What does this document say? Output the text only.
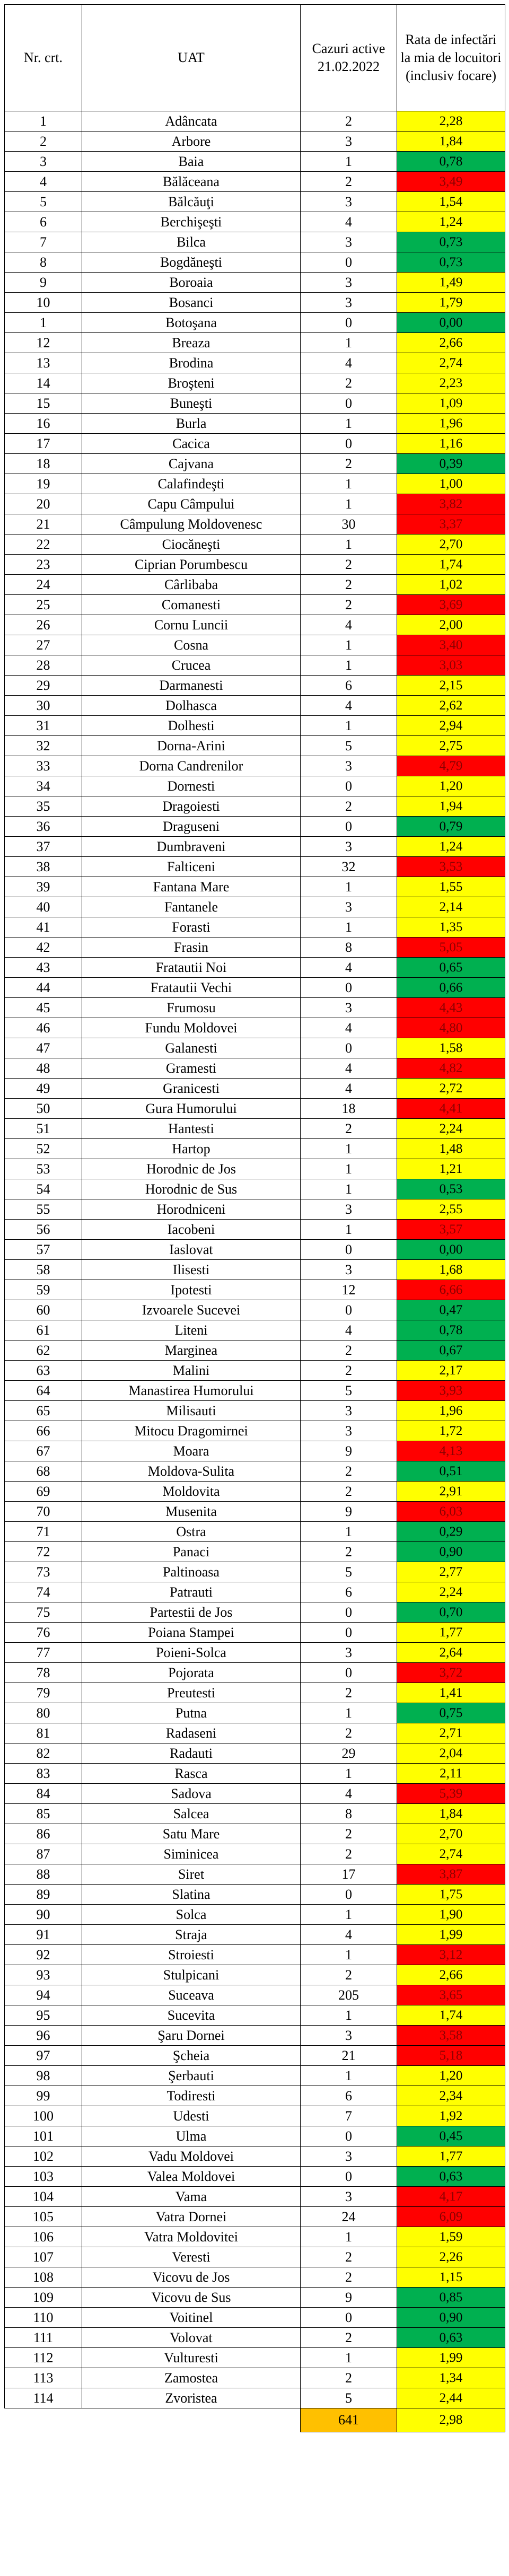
Nr. crt.	UAT	Cazuri active 21.02.2022	Rata de infectări la mia de locuitori (inclusiv focare)
1	Adâncata	2	2,28
2	Arbore	3	1,84
3	Baia	1	0,78
4	Bălăceana	2	3,49
5	Bălcăuţi	3	1,54
6	Berchişeşti	4	1,24
7	Bilca	3	0,73
8	Bogdăneşti	0	0,73
9	Boroaia	3	1,49
10	Bosanci	3	1,79
1	Botoşana	0	0,00
12	Breaza	1	2,66
13	Brodina	4	2,74
14	Broşteni	2	2,23
15	Buneşti	0	1,09
16	Burla	1	1,96
17	Cacica	0	1,16
18	Cajvana	2	0,39
19	Calafindeşti	1	1,00
20	Capu Câmpului	1	3,82
21	Câmpulung Moldovenesc	30	3,37
22	Ciocăneşti	1	2,70
23	Ciprian Porumbescu	2	1,74
24	Cârlibaba	2	1,02
25	Comanesti	2	3,69
26	Cornu Luncii	4	2,00
27	Cosna	1	3,40
28	Crucea	1	3,03
29	Darmanesti	6	2,15
30	Dolhasca	4	2,62
31	Dolhesti	1	2,94
32	Dorna-Arini	5	2,75
33	Dorna Candrenilor	3	4,79
34	Dornesti	0	1,20
35	Dragoiesti	2	1,94
36	Draguseni	0	0,79
37	Dumbraveni	3	1,24
38	Falticeni	32	3,53
39	Fantana Mare	1	1,55
40	Fantanele	3	2,14
41	Forasti	1	1,35
42	Frasin	8	5,05
43	Fratautii Noi	4	0,65
44	Fratautii Vechi	0	0,66
45	Frumosu	3	4,43
46	Fundu Moldovei	4	4,80
47	Galanesti	0	1,58
48	Gramesti	4	4,82
49	Granicesti	4	2,72
50	Gura Humorului	18	4,41
51	Hantesti	2	2,24
52	Hartop	1	1,48
53	Horodnic de Jos	1	1,21
54	Horodnic de Sus	1	0,53
55	Horodniceni	3	2,55
56	Iacobeni	1	3,57
57	Iaslovat	0	0,00
58	Ilisesti	3	1,68
59	Ipotesti	12	6,66
60	Izvoarele Sucevei	0	0,47
61	Liteni	4	0,78
62	Marginea	2	0,67
63	Malini	2	2,17
64	Manastirea Humorului	5	3,93
65	Milisauti	3	1,96
66	Mitocu Dragomirnei	3	1,72
67	Moara	9	4,13
68	Moldova-Sulita	2	0,51
69	Moldovita	2	2,91
70	Musenita	9	6,03
71	Ostra	1	0,29
72	Panaci	2	0,90
73	Paltinoasa	5	2,77
74	Patrauti	6	2,24
75	Partestii de Jos	0	0,70
76	Poiana Stampei	0	1,77
77	Poieni-Solca	3	2,64
78	Pojorata	0	3,72
79	Preutesti	2	1,41
80	Putna	1	0,75
81	Radaseni	2	2,71
82	Radauti	29	2,04
83	Rasca	1	2,11
84	Sadova	4	5,39
85	Salcea	8	1,84
86	Satu Mare	2	2,70
87	Siminicea	2	2,74
88	Siret	17	3,87
89	Slatina	0	1,75
90	Solca	1	1,90
91	Straja	4	1,99
92	Stroiesti	1	3,12
93	Stulpicani	2	2,66
94	Suceava	205	3,65
95	Sucevita	1	1,74
96	Şaru Dornei	3	3,58
97	Şcheia	21	5,18
98	Şerbauti	1	1,20
99	Todiresti	6	2,34
100	Udesti	7	1,92
101	Ulma	0	0,45
102	Vadu Moldovei	3	1,77
103	Valea Moldovei	0	0,63
104	Vama	3	4,17
105	Vatra Dornei	24	6,09
106	Vatra Moldovitei	1	1,59
107	Veresti	2	2,26
108	Vicovu de Jos	2	1,15
109	Vicovu de Sus	9	0,85
110	Voitinel	0	0,90
111	Volovat	2	0,63
112	Vulturesti	1	1,99
113	Zamostea	2	1,34
114	Zvoristea	5	2,44
		641	2,98
